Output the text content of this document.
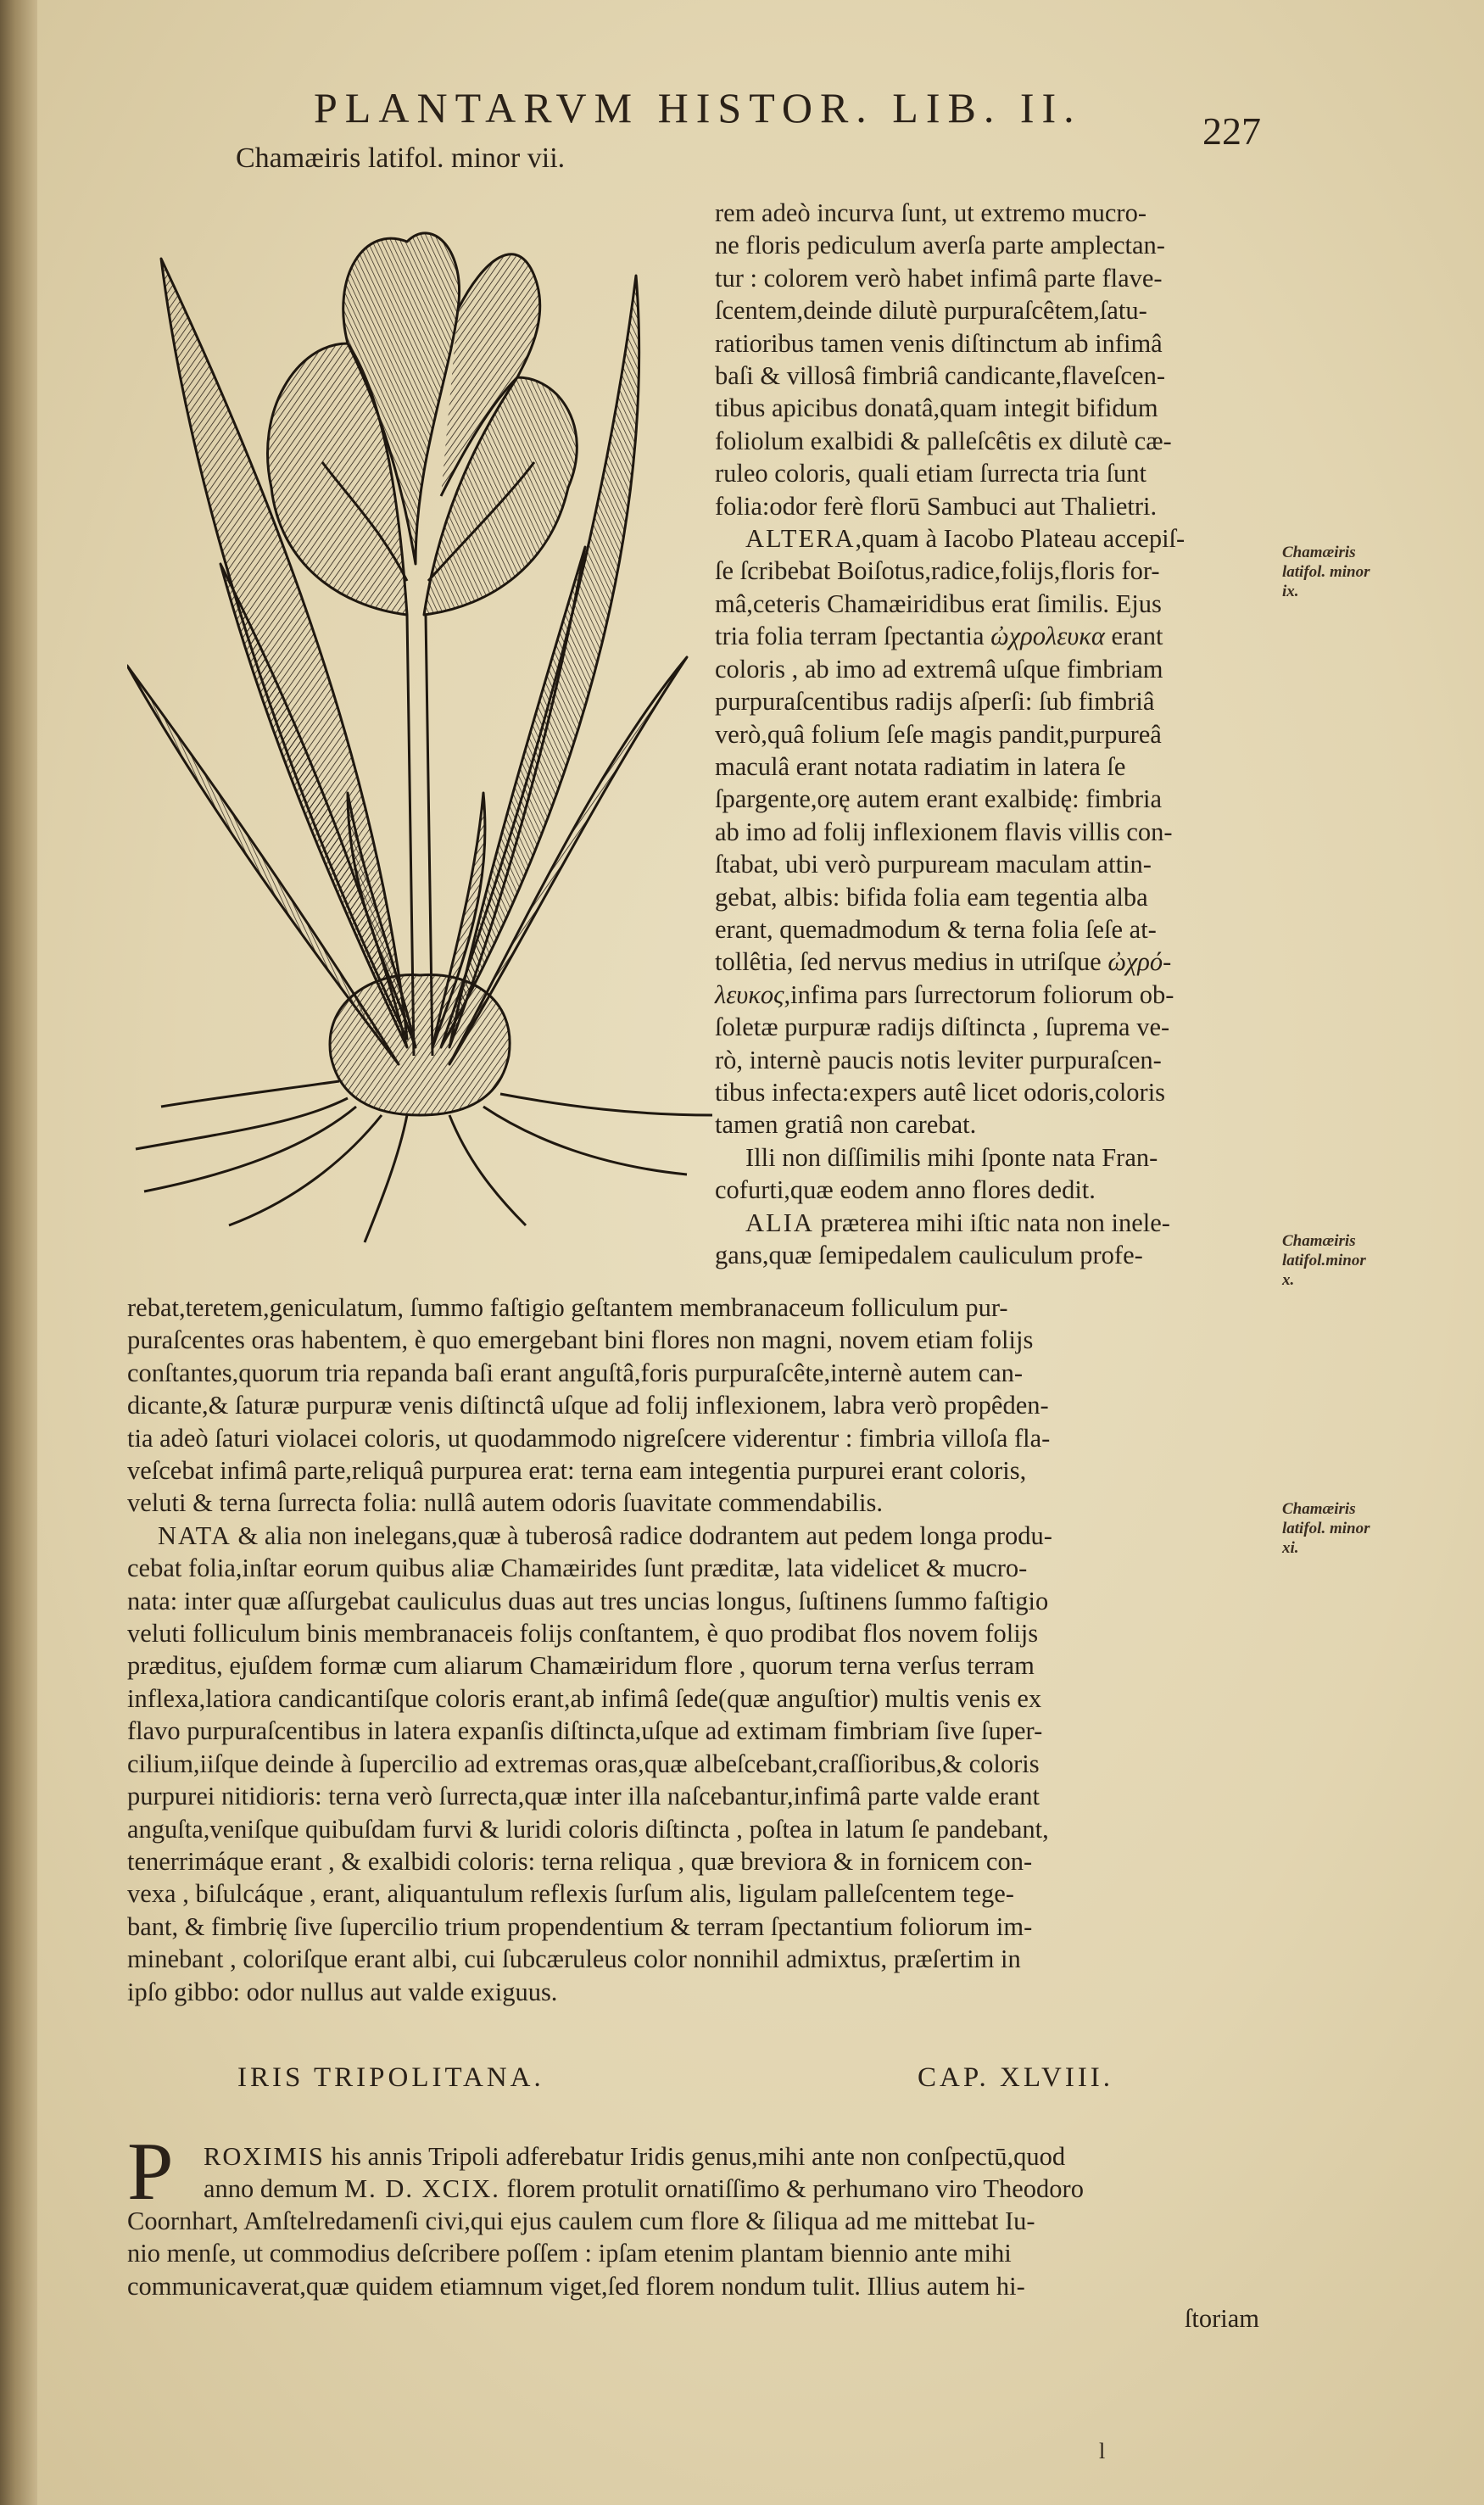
PLANTARVM HISTOR. LIB. II.	227
Chamæiris latifol. minor vii.
rem adeò incurva ſunt, ut extremo mucro-
ne floris pediculum averſa parte amplectan-
tur : colorem verò habet infimâ parte flave-
ſcentem,deinde dilutè purpuraſcêtem,ſatu-
ratioribus tamen venis diſtinctum ab infimâ
baſi & villosâ fimbriâ candicante,flaveſcen-
tibus apicibus donatâ,quam integit bifidum
foliolum exalbidi & palleſcêtis ex dilutè cæ-
ruleo coloris, quali etiam ſurrecta tria ſunt
folia:odor ferè florū Sambuci aut Thalietri.
ALTERA,quam à Iacobo Plateau accepiſ-
ſe ſcribebat Boiſotus,radice,folijs,floris for-
mâ,ceteris Chamæiridibus erat ſimilis. Ejus
tria folia terram ſpectantia ὠχρολευκα erant
coloris , ab imo ad extremâ uſque fimbriam
purpuraſcentibus radijs aſperſi: ſub fimbriâ
verò,quâ folium ſeſe magis pandit,purpureâ
maculâ erant notata radiatim in latera ſe
ſpargente,orę autem erant exalbidę: fimbria
ab imo ad folij inflexionem flavis villis con-
ſtabat, ubi verò purpuream maculam attin-
gebat, albis: bifida folia eam tegentia alba
erant, quemadmodum & terna folia ſeſe at-
tollêtia, ſed nervus medius in utriſque ὠχρό-
λευκος,infima pars ſurrectorum foliorum ob-
ſoletæ purpuræ radijs diſtincta , ſuprema ve-
rò, internè paucis notis leviter purpuraſcen-
tibus infecta:expers autê licet odoris,coloris
tamen gratiâ non carebat.
Illi non diſſimilis mihi ſponte nata Fran-
cofurti,quæ eodem anno flores dedit.
ALIA præterea mihi iſtic nata non inele-
gans,quæ ſemipedalem cauliculum profe-
rebat,teretem,geniculatum, ſummo faſtigio geſtantem membranaceum folliculum pur-
puraſcentes oras habentem, è quo emergebant bini flores non magni, novem etiam folijs
conſtantes,quorum tria repanda baſi erant anguſtâ,foris purpuraſcête,internè autem can-
dicante,& ſaturæ purpuræ venis diſtinctâ uſque ad folij inflexionem, labra verò propêden-
tia adeò ſaturi violacei coloris, ut quodammodo nigreſcere viderentur : fimbria villoſa fla-
veſcebat infimâ parte,reliquâ purpurea erat: terna eam integentia purpurei erant coloris,
veluti & terna ſurrecta folia: nullâ autem odoris ſuavitate commendabilis.
NATA & alia non inelegans,quæ à tuberosâ radice dodrantem aut pedem longa produ-
cebat folia,inſtar eorum quibus aliæ Chamæirides ſunt præditæ, lata videlicet & mucro-
nata: inter quæ aſſurgebat cauliculus duas aut tres uncias longus, ſuſtinens ſummo faſtigio
veluti folliculum binis membranaceis folijs conſtantem, è quo prodibat flos novem folijs
præditus, ejuſdem formæ cum aliarum Chamæiridum flore , quorum terna verſus terram
inflexa,latiora candicantiſque coloris erant,ab infimâ ſede(quæ anguſtior) multis venis ex
flavo purpuraſcentibus in latera expanſis diſtincta,uſque ad extimam fimbriam ſive ſuper-
cilium,iiſque deinde à ſupercilio ad extremas oras,quæ albeſcebant,craſſioribus,& coloris
purpurei nitidioris: terna verò ſurrecta,quæ inter illa naſcebantur,infimâ parte valde erant
anguſta,veniſque quibuſdam furvi & luridi coloris diſtincta , poſtea in latum ſe pandebant,
tenerrimáque erant , & exalbidi coloris: terna reliqua , quæ breviora & in fornicem con-
vexa , biſulcáque , erant, aliquantulum reflexis ſurſum alis, ligulam palleſcentem tege-
bant, & fimbrię ſive ſupercilio trium propendentium & terram ſpectantium foliorum im-
minebant , coloriſque erant albi, cui ſubcæruleus color nonnihil admixtus, præſertim in
ipſo gibbo: odor nullus aut valde exiguus.
IRIS TRIPOLITANA.	CAP. XLVIII.
P ROXIMIS his annis Tripoli adferebatur Iridis genus,mihi ante non conſpectū,quod
anno demum M. D. XCIX. florem protulit ornatiſſimo & perhumano viro Theodoro
Coornhart, Amſtelredamenſi civi,qui ejus caulem cum flore & ſiliqua ad me mittebat Iu-
nio menſe, ut commodius deſcribere poſſem : ipſam etenim plantam biennio ante mihi
communicaverat,quæ quidem etiamnum viget,ſed florem nondum tulit. Illius autem hi-
ſtoriam
Chamæiris
latifol. minor
ix.
Chamæiris
latifol.minor
x.
Chamæiris
latifol. minor
xi.
l
